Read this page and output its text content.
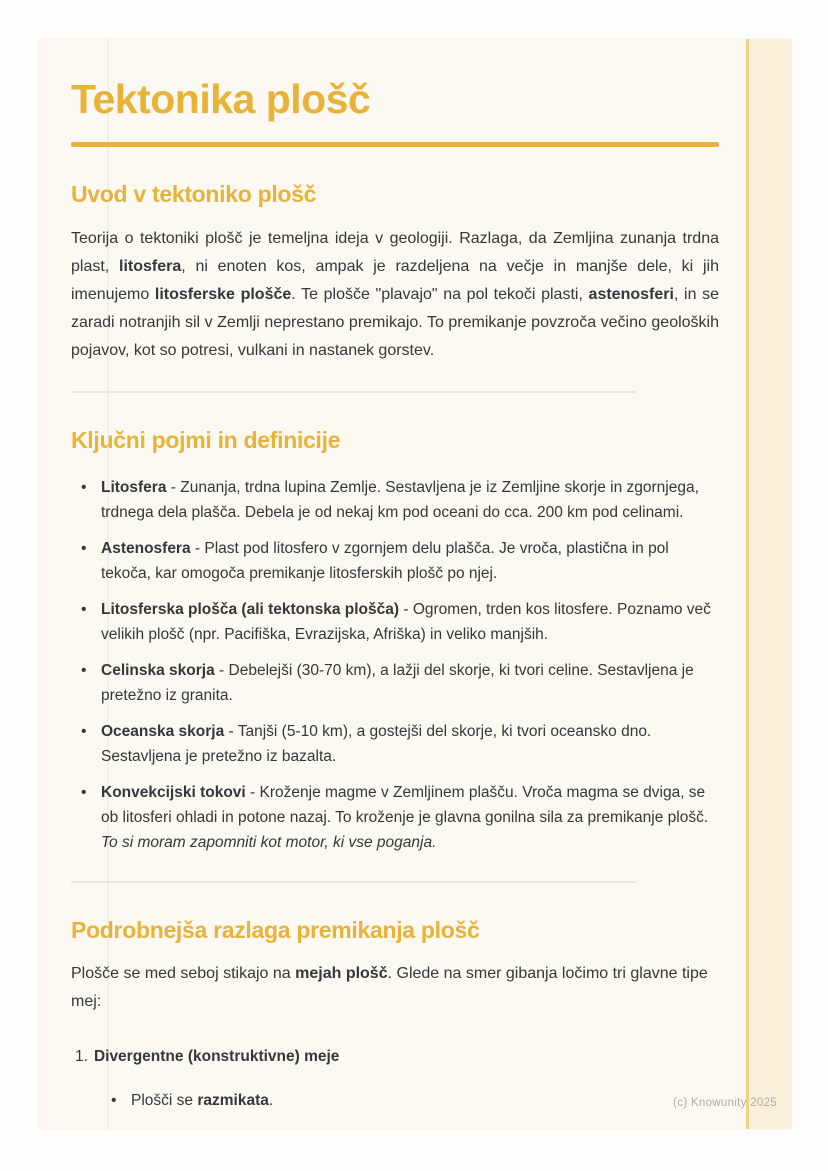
Tektonika plošč
Uvod v tektoniko plošč

Teorija o tektoniki plošč je temeljna ideja v geologiji. Razlaga, da Zemljina zunanja trdna plast, litosfera, ni enoten kos, ampak je razdeljena na večje in manjše dele, ki jih imenujemo litosferske plošče. Te plošče "plavajo" na pol tekoči plasti, astenosferi, in se zaradi notranjih sil v Zemlji neprestano premikajo. To premikanje povzroča večino geoloških pojavov, kot so potresi, vulkani in nastanek gorstev.

Ključni pojmi in definicije
• Litosfera - Zunanja, trdna lupina Zemlje. Sestavljena je iz Zemljine skorje in zgornjega, trdnega dela plašča. Debela je od nekaj km pod oceani do cca. 200 km pod celinami.
• Astenosfera - Plast pod litosfero v zgornjem delu plašča. Je vroča, plastična in pol tekoča, kar omogoča premikanje litosferskih plošč po njej.
• Litosferska plošča (ali tektonska plošča) - Ogromen, trden kos litosfere. Poznamo več velikih plošč (npr. Pacifiška, Evrazijska, Afriška) in veliko manjših.
• Celinska skorja - Debelejši (30-70 km), a lažji del skorje, ki tvori celine. Sestavljena je pretežno iz granita.
• Oceanska skorja - Tanjši (5-10 km), a gostejši del skorje, ki tvori oceansko dno. Sestavljena je pretežno iz bazalta.
• Konvekcijski tokovi - Kroženje magme v Zemljinem plašču. Vroča magma se dviga, se ob litosferi ohladi in potone nazaj. To kroženje je glavna gonilna sila za premikanje plošč. To si moram zapomniti kot motor, ki vse poganja.
Podrobnejša razlaga premikanja plošč

Plošče se med seboj stikajo na mejah plošč. Glede na smer gibanja ločimo tri glavne tipe mej:

1. Divergentne (konstruktivne) meje
• Plošči se razmikata.	(c) Knowunity 2025
